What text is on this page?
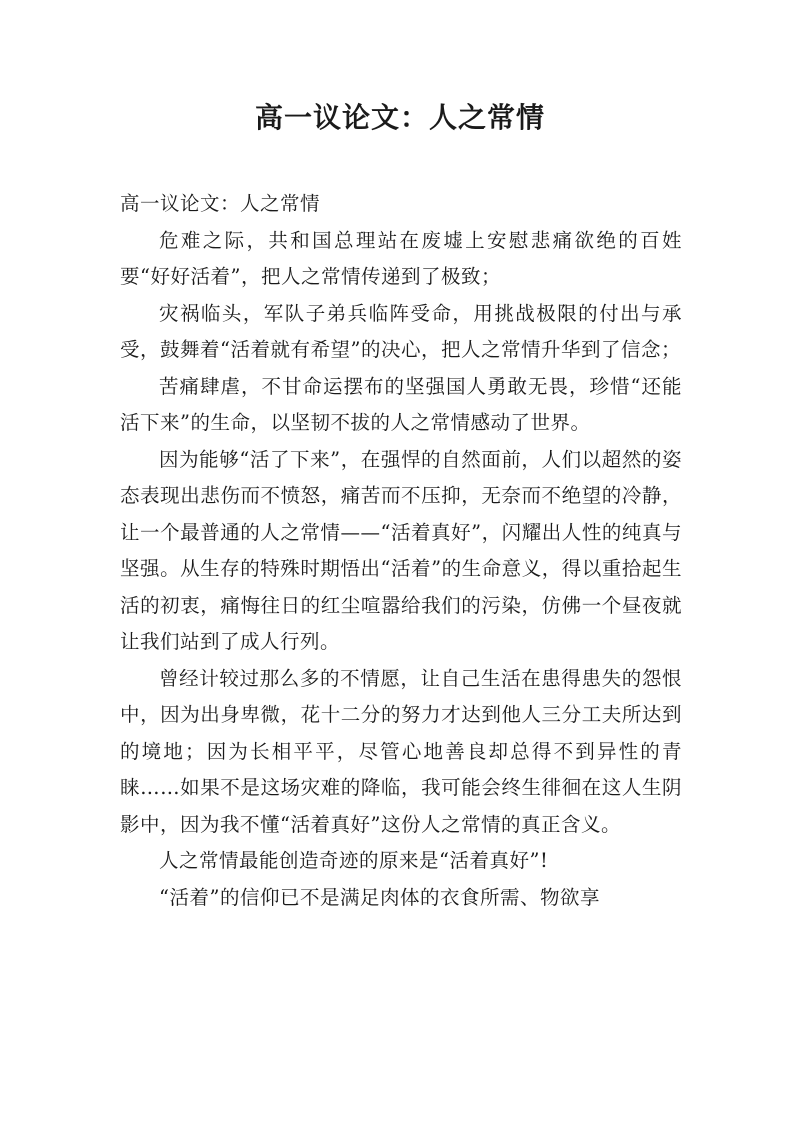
高一议论文：人之常情

高一议论文：人之常情

危难之际，共和国总理站在废墟上安慰悲痛欲绝的百姓要“好好活着”，把人之常情传递到了极致；

灾祸临头，军队子弟兵临阵受命，用挑战极限的付出与承受，鼓舞着“活着就有希望”的决心，把人之常情升华到了信念；

苦痛肆虐，不甘命运摆布的坚强国人勇敢无畏，珍惜“还能活下来”的生命，以坚韧不拔的人之常情感动了世界。

因为能够“活了下来”，在强悍的自然面前，人们以超然的姿态表现出悲伤而不愤怒，痛苦而不压抑，无奈而不绝望的冷静，让一个最普通的人之常情——“活着真好”，闪耀出人性的纯真与坚强。从生存的特殊时期悟出“活着”的生命意义，得以重拾起生活的初衷，痛悔往日的红尘喧嚣给我们的污染，仿佛一个昼夜就让我们站到了成人行列。

曾经计较过那么多的不情愿，让自己生活在患得患失的怨恨中，因为出身卑微，花十二分的努力才达到他人三分工夫所达到的境地；因为长相平平，尽管心地善良却总得不到异性的青睐……如果不是这场灾难的降临，我可能会终生徘徊在这人生阴影中，因为我不懂“活着真好”这份人之常情的真正含义。

人之常情最能创造奇迹的原来是“活着真好”!

“活着”的信仰已不是满足肉体的衣食所需、物欲享
